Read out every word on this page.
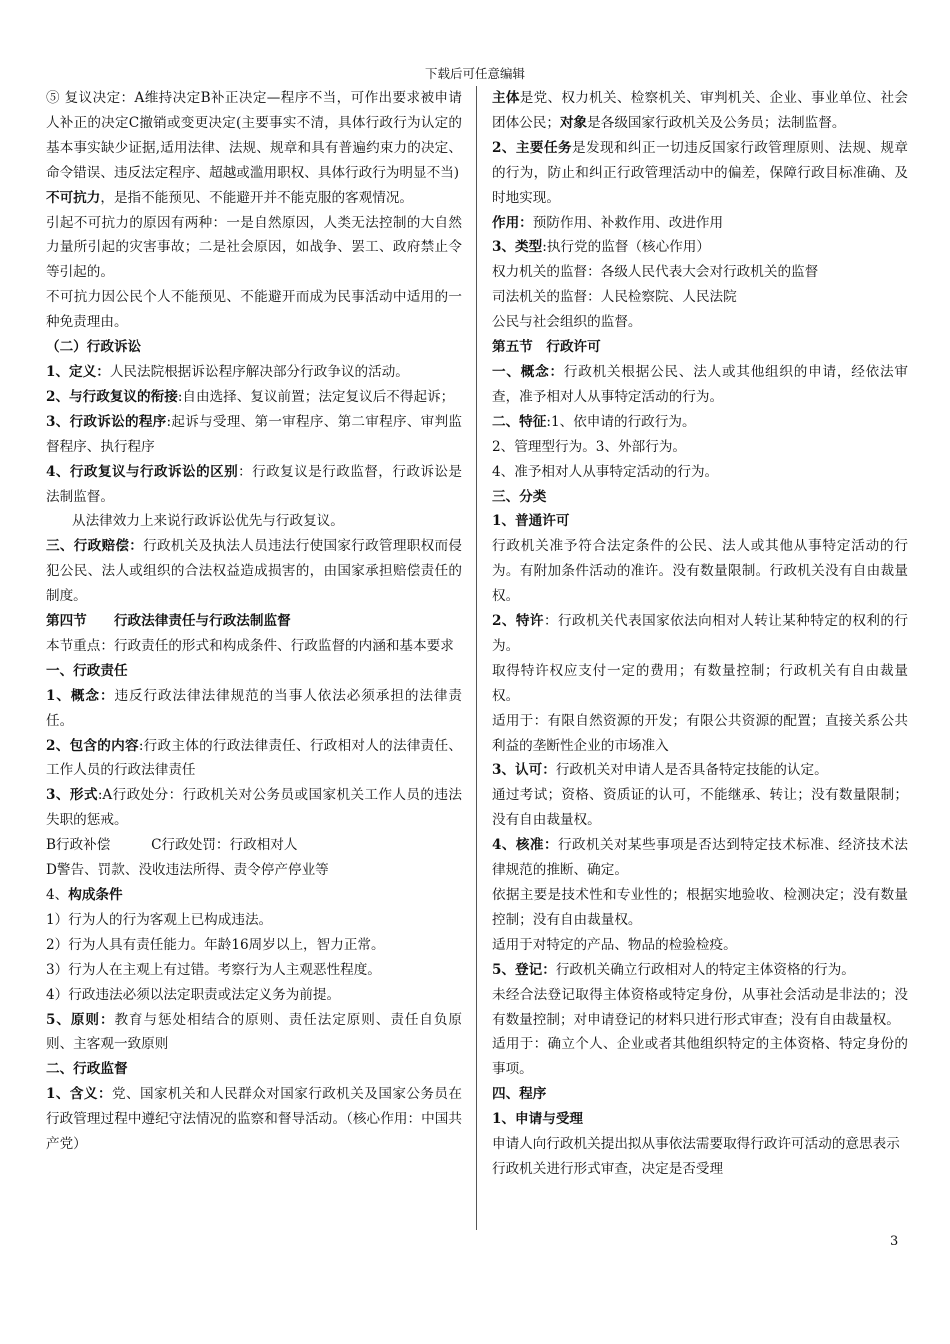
下载后可任意编辑

⑤ 复议决定：A维持决定B补正决定—程序不当，可作出要求被申请人补正的决定C撤销或变更决定(主要事实不清，具体行政行为认定的基本事实缺少证据,适用法律、法规、规章和具有普遍约束力的决定、命令错误、违反法定程序、超越或滥用职权、具体行政行为明显不当)

不可抗力，是指不能预见、不能避开并不能克服的客观情况。

引起不可抗力的原因有两种：一是自然原因，人类无法控制的大自然力量所引起的灾害事故；二是社会原因，如战争、罢工、政府禁止令等引起的。

不可抗力因公民个人不能预见、不能避开而成为民事活动中适用的一种免责理由。

（二）行政诉讼

1、定义：人民法院根据诉讼程序解决部分行政争议的活动。

2、与行政复议的衔接:自由选择、复议前置；法定复议后不得起诉；

3、行政诉讼的程序:起诉与受理、第一审程序、第二审程序、审判监督程序、执行程序

4、行政复议与行政诉讼的区别：行政复议是行政监督，行政诉讼是法制监督。

从法律效力上来说行政诉讼优先与行政复议。

三、行政赔偿：行政机关及执法人员违法行使国家行政管理职权而侵犯公民、法人或组织的合法权益造成损害的，由国家承担赔偿责任的制度。

第四节　　行政法律责任与行政法制监督

本节重点：行政责任的形式和构成条件、行政监督的内涵和基本要求

一、行政责任

1、概念：违反行政法律法律规范的当事人依法必须承担的法律责任。

2、包含的内容:行政主体的行政法律责任、行政相对人的法律责任、工作人员的行政法律责任

3、形式:A行政处分：行政机关对公务员或国家机关工作人员的违法失职的惩戒。

B行政补偿　　　C行政处罚：行政相对人

D警告、罚款、没收违法所得、责令停产停业等

4、构成条件

1）行为人的行为客观上已构成违法。

2）行为人具有责任能力。年龄16周岁以上，智力正常。

3）行为人在主观上有过错。考察行为人主观恶性程度。

4）行政违法必须以法定职责或法定义务为前提。

5、原则：教育与惩处相结合的原则、责任法定原则、责任自负原则、主客观一致原则

二、行政监督

1、含义：党、国家机关和人民群众对国家行政机关及国家公务员在行政管理过程中遵纪守法情况的监察和督导活动。（核心作用：中国共产党）

主体是党、权力机关、检察机关、审判机关、企业、事业单位、社会团体公民；对象是各级国家行政机关及公务员；法制监督。

2、主要任务是发现和纠正一切违反国家行政管理原则、法规、规章的行为，防止和纠正行政管理活动中的偏差，保障行政目标准确、及时地实现。

作用：预防作用、补救作用、改进作用

3、类型:执行党的监督（核心作用）

权力机关的监督：各级人民代表大会对行政机关的监督

司法机关的监督：人民检察院、人民法院

公民与社会组织的监督。

第五节　行政许可

一、概念：行政机关根据公民、法人或其他组织的申请，经依法审查，准予相对人从事特定活动的行为。

二、特征:1、依申请的行政行为。

2、管理型行为。3、外部行为。

4、准予相对人从事特定活动的行为。

三、分类

1、普通许可

行政机关准予符合法定条件的公民、法人或其他从事特定活动的行为。有附加条件活动的准许。没有数量限制。行政机关没有自由裁量权。

2、特许：行政机关代表国家依法向相对人转让某种特定的权利的行为。

取得特许权应支付一定的费用；有数量控制；行政机关有自由裁量权。

适用于：有限自然资源的开发；有限公共资源的配置；直接关系公共利益的垄断性企业的市场准入

3、认可：行政机关对申请人是否具备特定技能的认定。

通过考试；资格、资质证的认可，不能继承、转让；没有数量限制；没有自由裁量权。

4、核准：行政机关对某些事项是否达到特定技术标准、经济技术法律规范的推断、确定。

依据主要是技术性和专业性的；根据实地验收、检测决定；没有数量控制；没有自由裁量权。

适用于对特定的产品、物品的检验检疫。

5、登记：行政机关确立行政相对人的特定主体资格的行为。

未经合法登记取得主体资格或特定身份，从事社会活动是非法的；没有数量控制；对申请登记的材料只进行形式审查；没有自由裁量权。

适用于：确立个人、企业或者其他组织特定的主体资格、特定身份的事项。

四、程序

1、申请与受理

申请人向行政机关提出拟从事依法需要取得行政许可活动的意思表示

行政机关进行形式审查，决定是否受理

3
